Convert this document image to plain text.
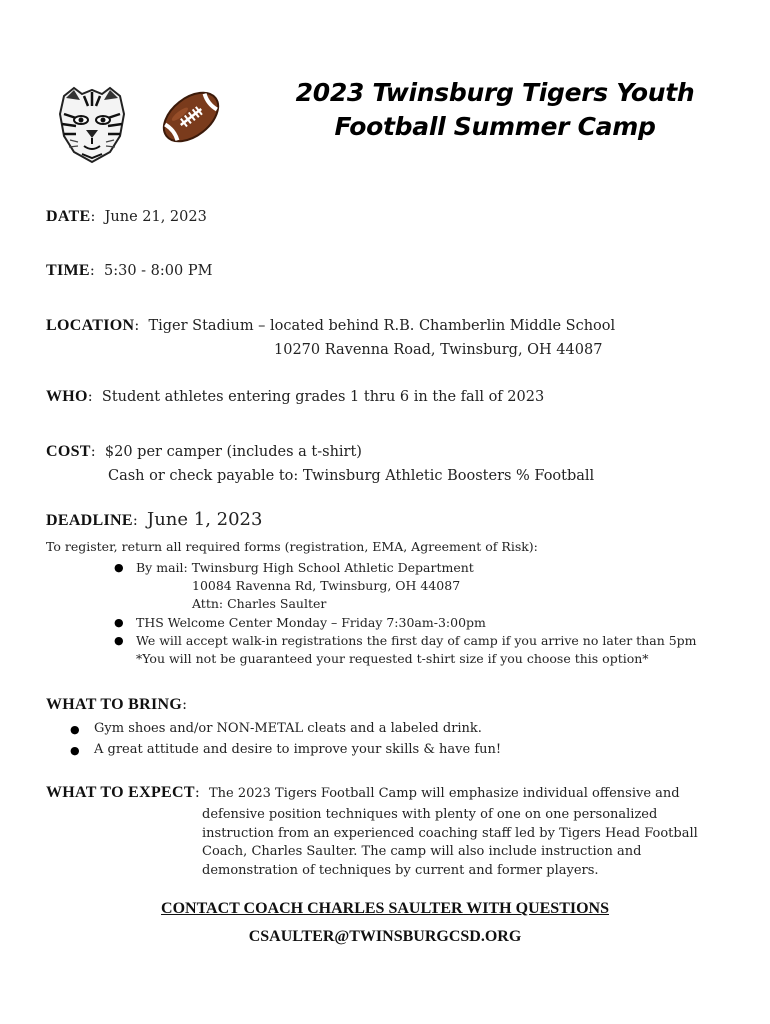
2023 Twinsburg Tigers Youth
Football Summer Camp
DATE:  June 21, 2023
TIME:  5:30 - 8:00 PM
LOCATION:  Tiger Stadium – located behind R.B. Chamberlin Middle School
10270 Ravenna Road, Twinsburg, OH 44087
WHO:  Student athletes entering grades 1 thru 6 in the fall of 2023
COST:  $20 per camper (includes a t-shirt)
Cash or check payable to: Twinsburg Athletic Boosters % Football
DEADLINE:  June 1, 2023
To register, return all required forms (registration, EMA, Agreement of Risk):
● By mail: Twinsburg High School Athletic Department
10084 Ravenna Rd, Twinsburg, OH 44087
Attn: Charles Saulter
● THS Welcome Center Monday – Friday 7:30am-3:00pm
● We will accept walk-in registrations the first day of camp if you arrive no later than 5pm
*You will not be guaranteed your requested t-shirt size if you choose this option*
WHAT TO BRING:
● Gym shoes and/or NON-METAL cleats and a labeled drink.
● A great attitude and desire to improve your skills & have fun!
WHAT TO EXPECT:  The 2023 Tigers Football Camp will emphasize individual offensive and
defensive position techniques with plenty of one on one personalized
instruction from an experienced coaching staff led by Tigers Head Football
Coach, Charles Saulter. The camp will also include instruction and
demonstration of techniques by current and former players.
CONTACT COACH CHARLES SAULTER WITH QUESTIONS
CSAULTER@TWINSBURGCSD.ORG
